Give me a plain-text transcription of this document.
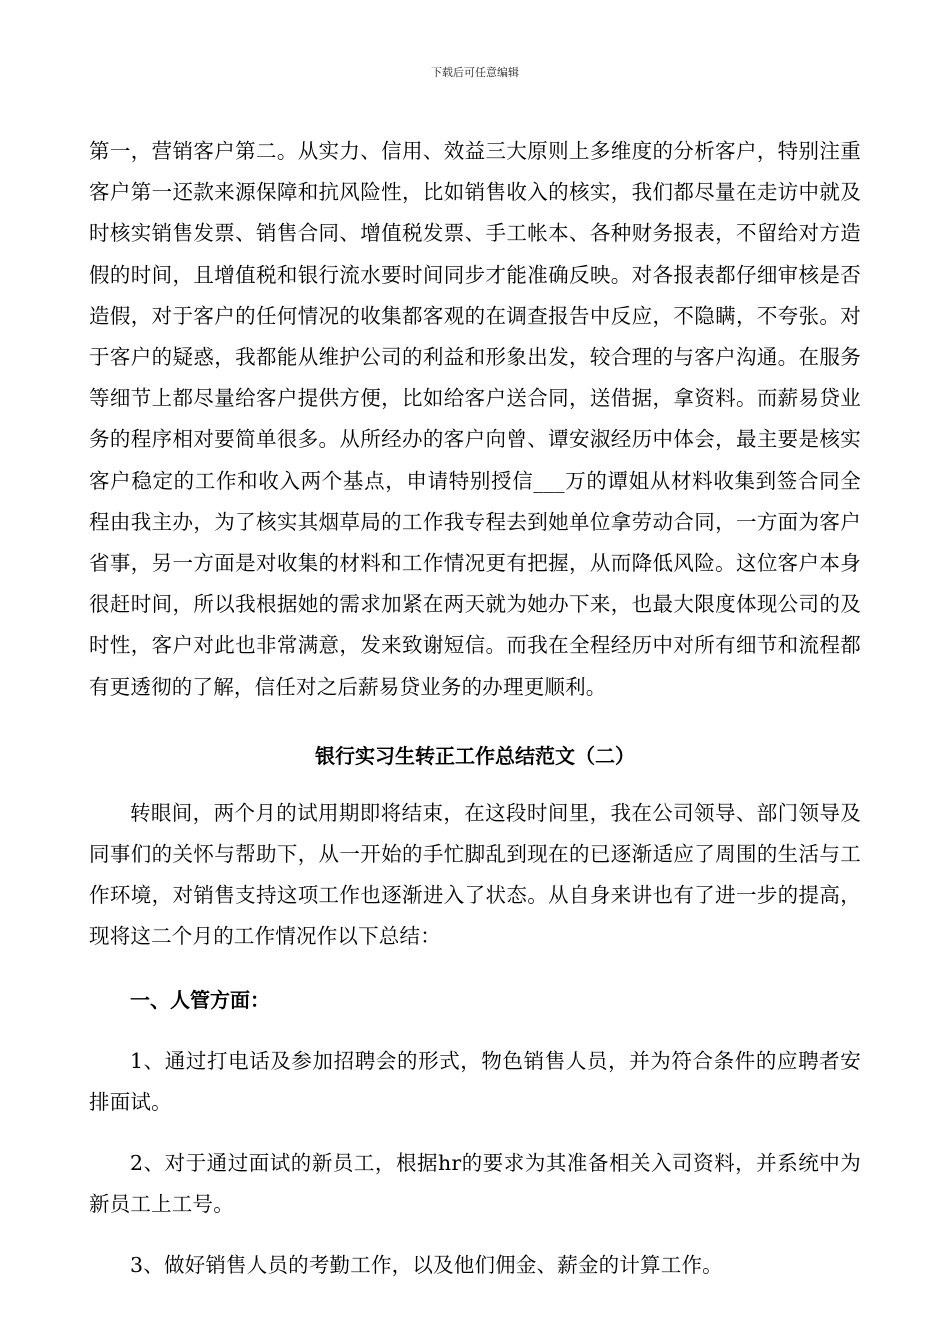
下载后可任意编辑

第一，营销客户第二。从实力、信用、效益三大原则上多维度的分析客户，特别注重客户第一还款来源保障和抗风险性，比如销售收入的核实，我们都尽量在走访中就及时核实销售发票、销售合同、增值税发票、手工帐本、各种财务报表，不留给对方造假的时间，且增值税和银行流水要时间同步才能准确反映。对各报表都仔细审核是否造假，对于客户的任何情况的收集都客观的在调查报告中反应，不隐瞒，不夸张。对于客户的疑惑，我都能从维护公司的利益和形象出发，较合理的与客户沟通。在服务等细节上都尽量给客户提供方便，比如给客户送合同，送借据，拿资料。而薪易贷业务的程序相对要简单很多。从所经办的客户向曾、谭安淑经历中体会，最主要是核实客户稳定的工作和收入两个基点，申请特别授信___万的谭姐从材料收集到签合同全程由我主办，为了核实其烟草局的工作我专程去到她单位拿劳动合同，一方面为客户省事，另一方面是对收集的材料和工作情况更有把握，从而降低风险。这位客户本身很赶时间，所以我根据她的需求加紧在两天就为她办下来，也最大限度体现公司的及时性，客户对此也非常满意，发来致谢短信。而我在全程经历中对所有细节和流程都有更透彻的了解，信任对之后薪易贷业务的办理更顺利。

银行实习生转正工作总结范文（二）

转眼间，两个月的试用期即将结束，在这段时间里，我在公司领导、部门领导及同事们的关怀与帮助下，从一开始的手忙脚乱到现在的已逐渐适应了周围的生活与工作环境，对销售支持这项工作也逐渐进入了状态。从自身来讲也有了进一步的提高，现将这二个月的工作情况作以下总结：

一、人管方面：

1、通过打电话及参加招聘会的形式，物色销售人员，并为符合条件的应聘者安排面试。

2、对于通过面试的新员工，根据hr的要求为其准备相关入司资料，并系统中为新员工上工号。

3、做好销售人员的考勤工作，以及他们佣金、薪金的计算工作。
